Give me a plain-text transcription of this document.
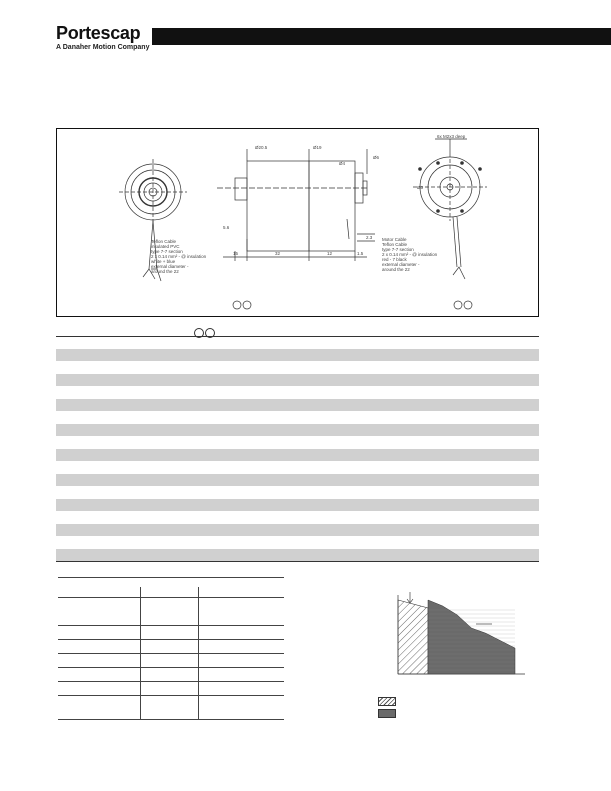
Portescap
A Danaher Motion Company
Teflon Cable
insulated PVC
type 7-7 section
2 x 0.14 mm² - @ insulation
white + blue
external diameter -
around the 22
Motor Cable
Teflon Cable
type 7-7 section
2 x 0.14 mm² - @ insulation
red - 7 black
external diameter -
around the 22
6x M2x3 deep
Ø20.5	Ø19
Ø4
15	32	12
2.3
5.6
1.5
Ø6
Ø3
